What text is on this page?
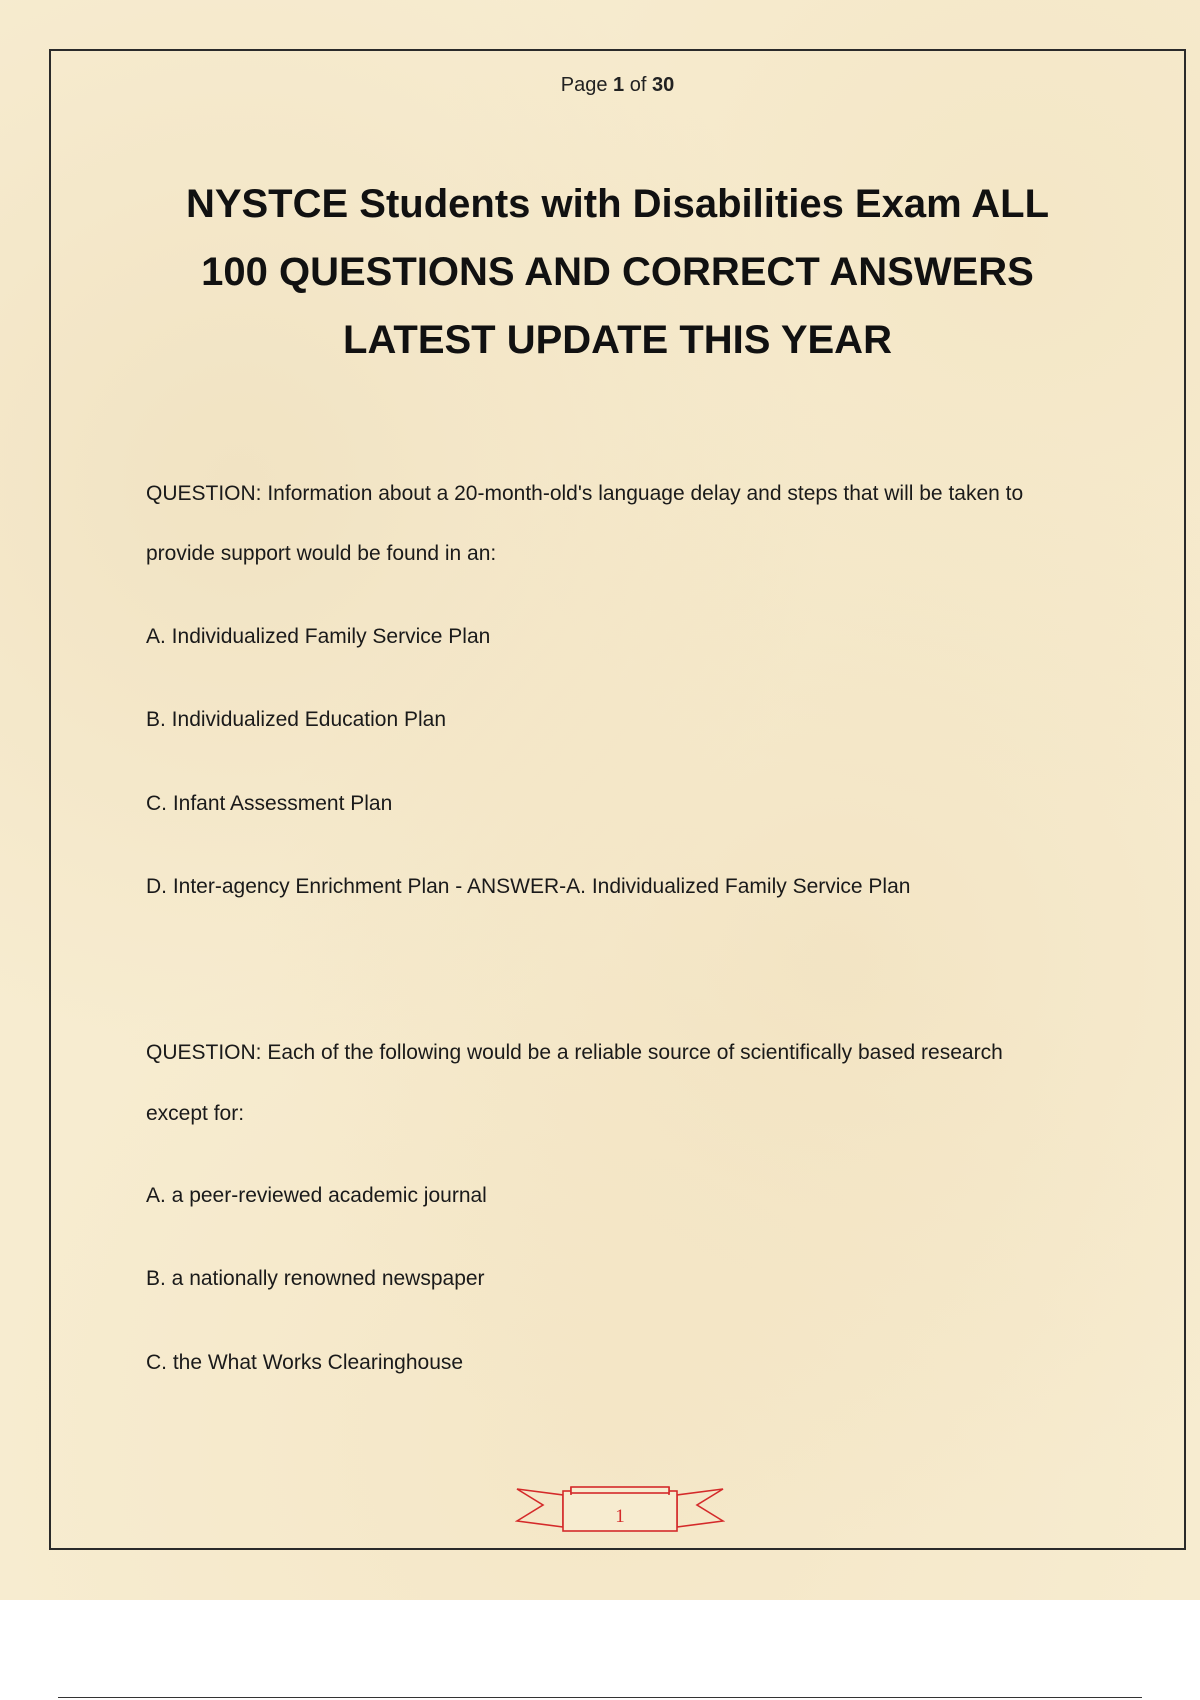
Page 1 of 30
NYSTCE Students with Disabilities Exam ALL
100 QUESTIONS AND CORRECT ANSWERS
LATEST UPDATE THIS YEAR
QUESTION: Information about a 20-month-old's language delay and steps that will be taken to
provide support would be found in an:
A. Individualized Family Service Plan
B. Individualized Education Plan
C. Infant Assessment Plan
D. Inter-agency Enrichment Plan - ANSWER-A. Individualized Family Service Plan
QUESTION: Each of the following would be a reliable source of scientifically based research
except for:
A. a peer-reviewed academic journal
B. a nationally renowned newspaper
C. the What Works Clearinghouse
1
